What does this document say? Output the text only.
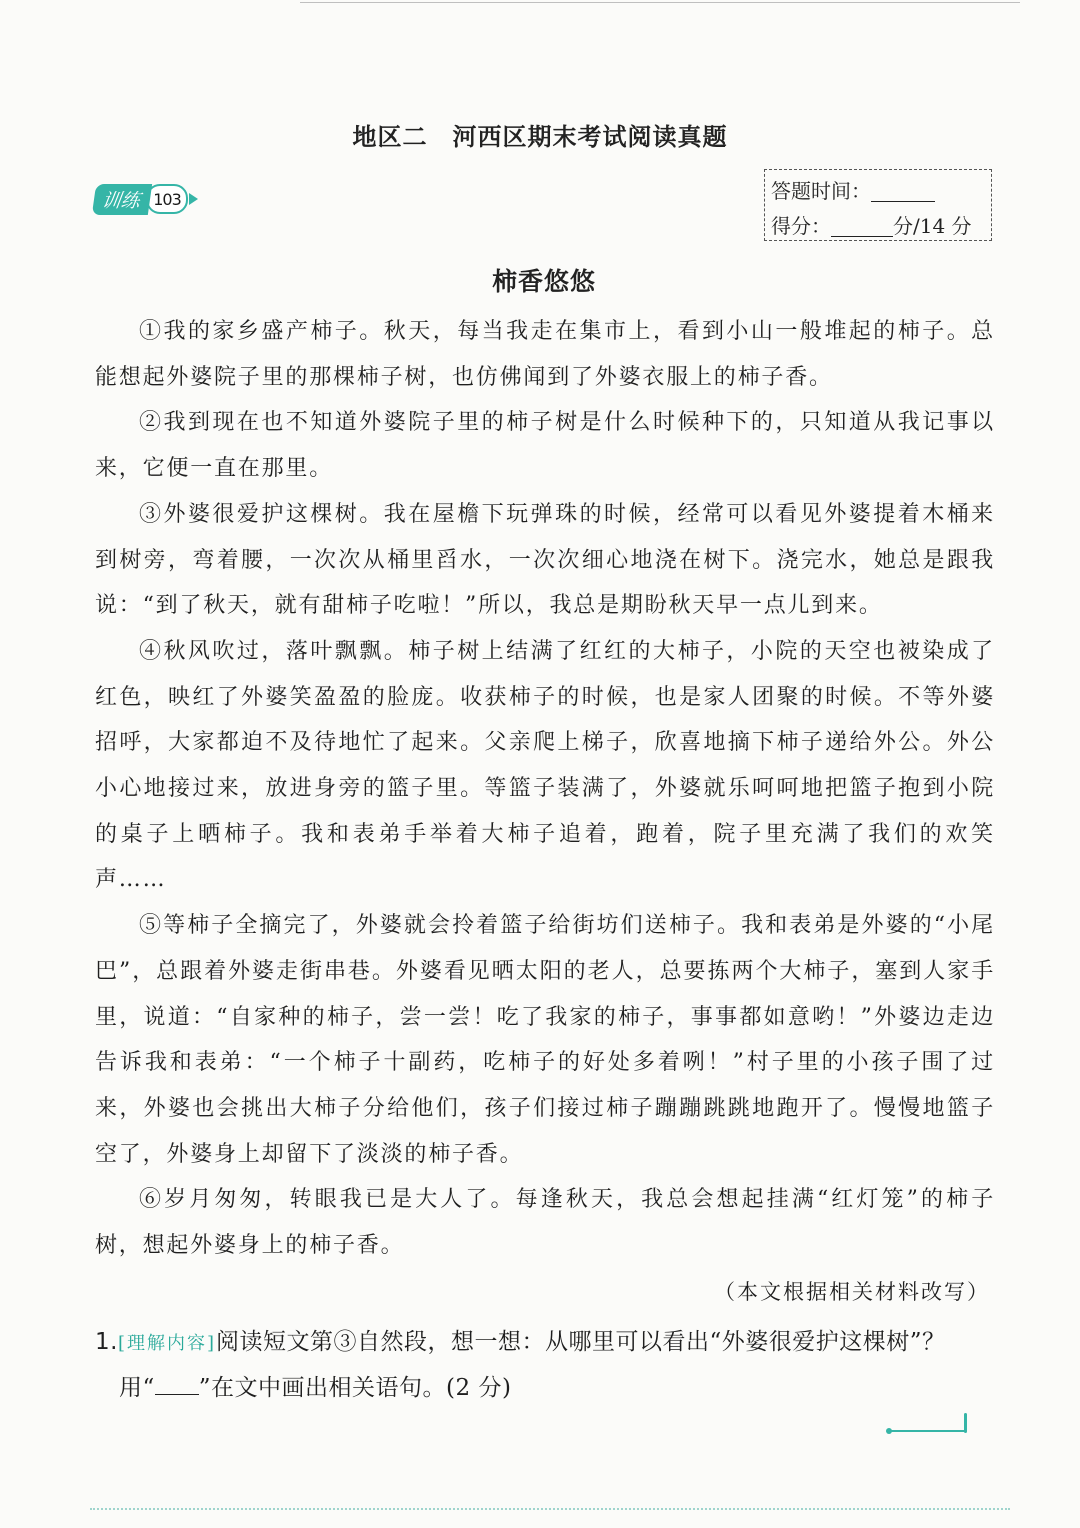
地区二　河西区期末考试阅读真题
训练 103	答题时间：
得分：	分/14 分
柿香悠悠

①我的家乡盛产柿子。秋天，每当我走在集市上，看到小山一般堆起的柿子。总能想起外婆院子里的那棵柿子树，也仿佛闻到了外婆衣服上的柿子香。

②我到现在也不知道外婆院子里的柿子树是什么时候种下的，只知道从我记事以来，它便一直在那里。

③外婆很爱护这棵树。我在屋檐下玩弹珠的时候，经常可以看见外婆提着木桶来到树旁，弯着腰，一次次从桶里舀水，一次次细心地浇在树下。浇完水，她总是跟我说：“到了秋天，就有甜柿子吃啦！”所以，我总是期盼秋天早一点儿到来。

④秋风吹过，落叶飘飘。柿子树上结满了红红的大柿子，小院的天空也被染成了红色，映红了外婆笑盈盈的脸庞。收获柿子的时候，也是家人团聚的时候。不等外婆招呼，大家都迫不及待地忙了起来。父亲爬上梯子，欣喜地摘下柿子递给外公。外公小心地接过来，放进身旁的篮子里。等篮子装满了，外婆就乐呵呵地把篮子抱到小院的桌子上晒柿子。我和表弟手举着大柿子追着，跑着，院子里充满了我们的欢笑声……

⑤等柿子全摘完了，外婆就会拎着篮子给街坊们送柿子。我和表弟是外婆的“小尾巴”，总跟着外婆走街串巷。外婆看见晒太阳的老人，总要拣两个大柿子，塞到人家手里，说道：“自家种的柿子，尝一尝！吃了我家的柿子，事事都如意哟！”外婆边走边告诉我和表弟：“一个柿子十副药，吃柿子的好处多着咧！”村子里的小孩子围了过来，外婆也会挑出大柿子分给他们，孩子们接过柿子蹦蹦跳跳地跑开了。慢慢地篮子空了，外婆身上却留下了淡淡的柿子香。

⑥岁月匆匆，转眼我已是大人了。每逢秋天，我总会想起挂满“红灯笼”的柿子树，想起外婆身上的柿子香。

（本文根据相关材料改写）
1.[理解内容]阅读短文第③自然段，想一想：从哪里可以看出“外婆很爱护这棵树”？
用“ ”在文中画出相关语句。(2 分)
